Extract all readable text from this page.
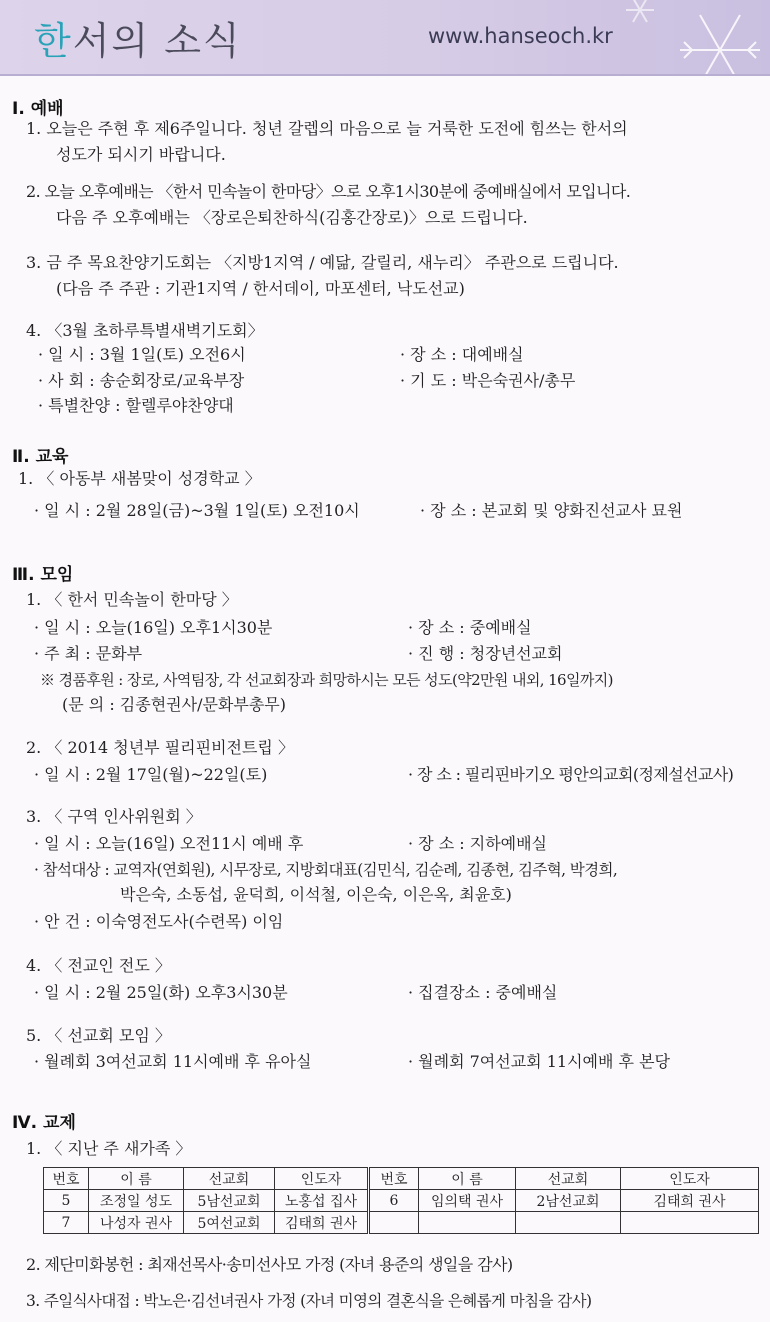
한서의 소식	www.hanseoch.kr
Ⅰ. 예배
1. 오늘은 주현 후 제6주일니다. 청년 갈렙의 마음으로 늘 거룩한 도전에 힘쓰는 한서의
성도가 되시기 바랍니다.
2. 오늘 오후예배는 〈한서 민속놀이 한마당〉으로 오후1시30분에 중예배실에서 모입니다.
다음 주 오후예배는 〈장로은퇴찬하식(김홍간장로)〉으로 드립니다.
3. 금 주 목요찬양기도회는 〈지방1지역 / 예닮, 갈릴리, 새누리〉 주관으로 드립니다.
(다음 주 주관 : 기관1지역 / 한서데이, 마포센터, 낙도선교)
4. 〈3월 초하루특별새벽기도회〉
· 일 시 : 3월 1일(토) 오전6시	· 장 소 : 대예배실
· 사 회 : 송순회장로/교육부장	· 기 도 : 박은숙권사/총무
· 특별찬양 : 할렐루야찬양대
Ⅱ. 교육
1. 〈 아동부 새봄맞이 성경학교 〉
· 일 시 : 2월 28일(금)~3월 1일(토) 오전10시	· 장 소 : 본교회 및 양화진선교사 묘원
Ⅲ. 모임
1. 〈 한서 민속놀이 한마당 〉
· 일 시 : 오늘(16일) 오후1시30분	· 장 소 : 중예배실
· 주 최 : 문화부	· 진 행 : 청장년선교회
※ 경품후원 : 장로, 사역팀장, 각 선교회장과 희망하시는 모든 성도(약2만원 내외, 16일까지)
(문 의 : 김종현권사/문화부총무)
2. 〈 2014 청년부 필리핀비전트립 〉
· 일 시 : 2월 17일(월)~22일(토)	· 장 소 : 필리핀바기오 평안의교회(정제설선교사)
3. 〈 구역 인사위원회 〉
· 일 시 : 오늘(16일) 오전11시 예배 후	· 장 소 : 지하예배실
· 참석대상 : 교역자(연회원), 시무장로, 지방회대표(김민식, 김순례, 김종현, 김주혁, 박경희,
박은숙, 소동섭, 윤덕희, 이석철, 이은숙, 이은옥, 최윤호)
· 안 건 : 이숙영전도사(수련목) 이임
4. 〈 전교인 전도 〉
· 일 시 : 2월 25일(화) 오후3시30분	· 집결장소 : 중예배실
5. 〈 선교회 모임 〉
· 월례회 3여선교회 11시예배 후 유아실	· 월례회 7여선교회 11시예배 후 본당
Ⅳ. 교제
1. 〈 지난 주 새가족 〉
번호	이 름	선교회	인도자	번호	이 름	선교회	인도자
5	조정일 성도	5남선교회	노홍섭 집사	6	임의택 권사	2남선교회	김태희 권사
7	나성자 권사	5여선교회	김태희 권사				
2. 제단미화봉헌 : 최재선목사·송미선사모 가정 (자녀 용준의 생일을 감사)
3. 주일식사대접 : 박노은·김선녀권사 가정 (자녀 미영의 결혼식을 은혜롭게 마침을 감사)
